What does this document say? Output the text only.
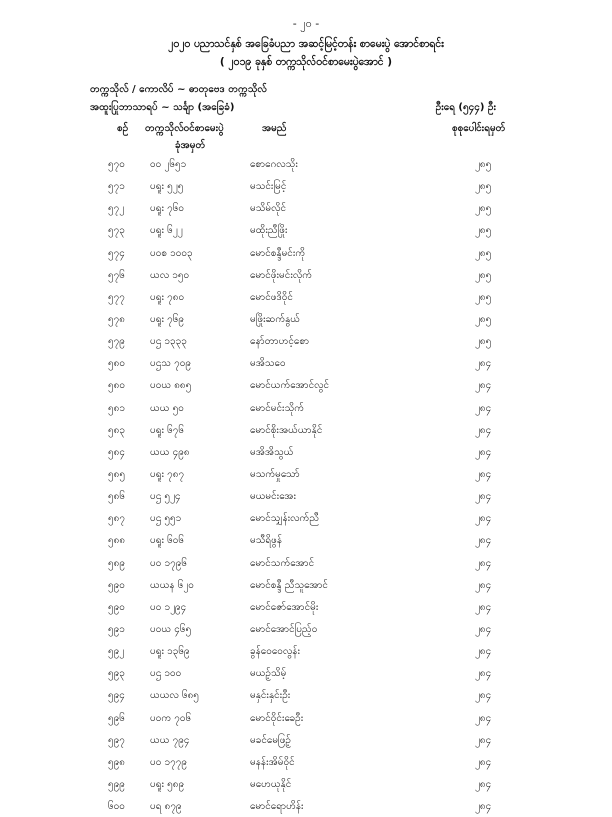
- ၂၀ -
၂၀၂၀ ပညာသင်နှစ် အခြေခံပညာ အဆင့်မြင့်တန်း စာမေးပွဲ အောင်စာရင်း
( ၂၀၁၉ ခုနှစ် တက္ကသိုလ်ဝင်စာမေးပွဲအောင် )
တက္ကသိုလ် / ကောလိပ် ~ ဓာတုဗေဒ တက္ကသိုလ်
အထူးပြုဘာသာရပ် ~ သင်္ချာ (အခြေခံ)	ဦးရေ (၅၄၄) ဦး
စဉ် တက္ကသိုလ်ဝင်စာမေးပွဲ
ခုံအမှတ်
အမည်	စုစုပေါင်းရမှတ်
၅၇၀	ဝဝ ၂၆၅၁	စောဂေလသိုး	၂၈၅
၅၇၁	ပရူး ၅၂၅	မသင်းမြင့်	၂၈၅
၅၇၂	ပရူး ၇၆၀	မသိမ်လိုင်	၂၈၅
၅၇၃	ပရူး ၆၂၂	မထိုးညီဖြိုး	၂၈၅
၅၇၄	ပဝစ ၁၀၀၃	မောင်စန္ဒီမင်းကို	၂၈၅
၅၇၆	ယလ ၁၅၀	မောင်ဖိုးမင်းလိုက်	၂၈၅
၅၇၇	ပရူး ၇၈၀	မောင်ဖဒိဝိုင်	၂၈၅
၅၇၈	ပရူး ၇၆၉	မဖြိုးဆက်နွယ်	၂၈၅
၅၇၉	ပဌ ၁၃၃၃	နော်တာဟင့်စော	၂၈၅
၅၈၀	ပဌသ ၇၀၉	မအိသဝေ	၂၈၄
၅၈၀	ပဝယ ၈၈၅	မောင်ယက်အောင်လွင်	၂၈၄
၅၈၁	ယယ ၅၀	မောင်မင်းသိုက်	၂၈၄
၅၈၃	ပရူး ၆၇၆	မောင်စိုးအယ်ယာနိုင်	၂၈၄
၅၈၄	ယယ ၄၉၈	မအိအိသွယ်	၂၈၄
၅၈၅	ပရူး ၇၈၇	မသက်မှုသော်	၂၈၄
၅၈၆	ပဌ ၅၂၄	မယမင်းအေး	၂၈၄
၅၈၇	ပဌ ၅၅၁	မောင်သျှန်းလက်ညီ	၂၈၄
၅၈၈ ပရူး ၆၀၆	မသီရိဖွန်	၂၈၄
၅၈၉	ပဝ ၁၇၉၆	မောင်သက်အောင်	၂၈၄
၅၉၀	ယယန ၆၂၀	မောင်စန္ဒီ ညီသူအောင်	၂၈၄
၅၉၀	ပဝ ၁၂၉၄	မောင်ဇော်အောင်မိုး	၂၈၄
၅၉၁	ပဝယ ၄၆၅	မောင်အောင်ပြည့်ဝ	၂၈၄
၅၉၂	ပရူး ၁၃၆၉	ခွန်ဝေဝေလွန်း	၂၈၄
၅၉၃	ပဌ ၁၀၀	မယဉ့်သိမ့်	၂၈၄
၅၉၄	ယယလ ၆၈၅	မနှင်းနှင်းဦး	၂၈၄
၅၉၆	ပဝက ၇၀၆	မောင်ဝိုင်းခေဦး	၂၈၄
၅၉၇	ယယ ၇၉၄	မခင်မေဖြဉ့်	၂၈၄
၅၉၈	ပဝ ၁၇၇၉	မနန်းအိမ်ဝိုင်	၂၈၄
၅၉၉	ပရူး ၅၈၉	မဟေယုနိုင်	၂၈၄
၆၀၀	ပရ ၈၇၉	မောင်ရောဟိန်း	၂၈၄
